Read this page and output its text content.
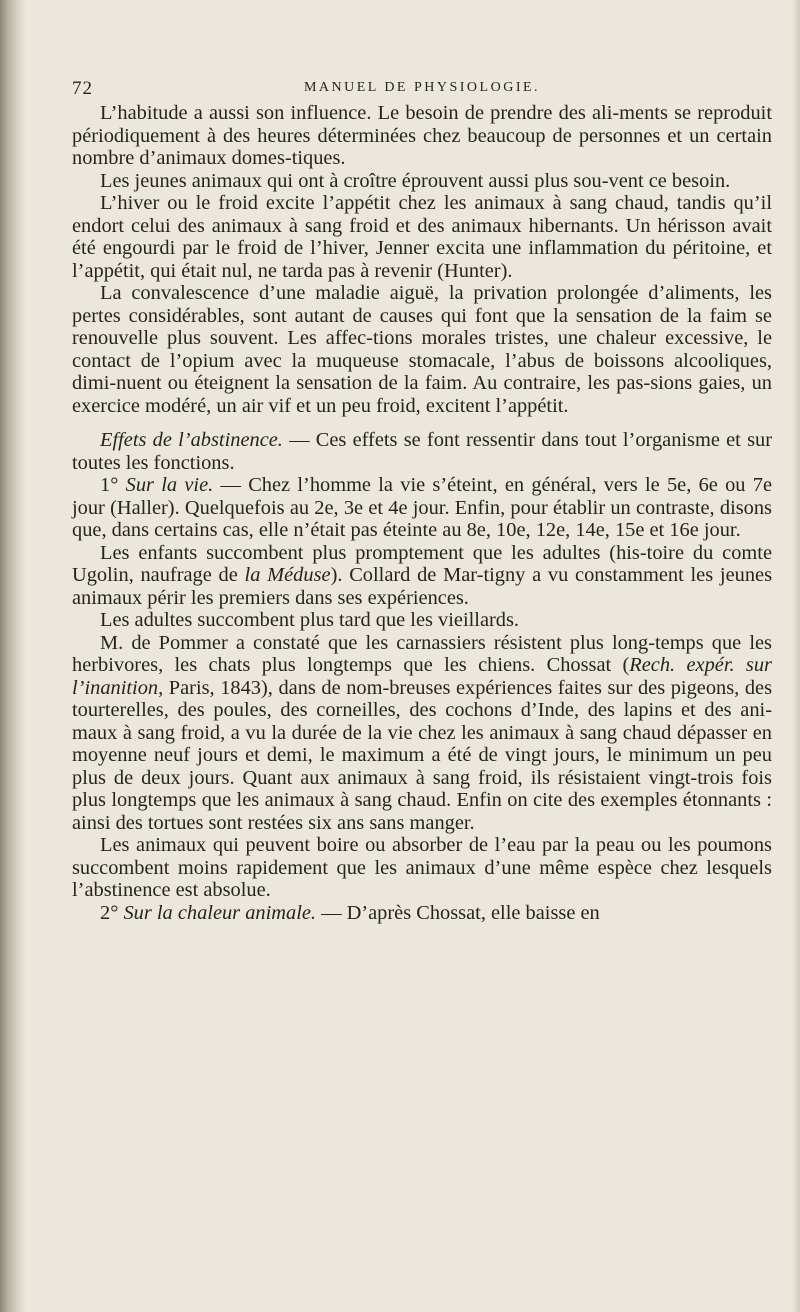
72	MANUEL DE PHYSIOLOGIE.

L’habitude a aussi son influence. Le besoin de prendre des ali-ments se reproduit périodiquement à des heures déterminées chez beaucoup de personnes et un certain nombre d’animaux domes-tiques.

Les jeunes animaux qui ont à croître éprouvent aussi plus sou-vent ce besoin.

L’hiver ou le froid excite l’appétit chez les animaux à sang chaud, tandis qu’il endort celui des animaux à sang froid et des animaux hibernants. Un hérisson avait été engourdi par le froid de l’hiver, Jenner excita une inflammation du péritoine, et l’appétit, qui était nul, ne tarda pas à revenir (Hunter).

La convalescence d’une maladie aiguë, la privation prolongée d’aliments, les pertes considérables, sont autant de causes qui font que la sensation de la faim se renouvelle plus souvent. Les affec-tions morales tristes, une chaleur excessive, le contact de l’opium avec la muqueuse stomacale, l’abus de boissons alcooliques, dimi-nuent ou éteignent la sensation de la faim. Au contraire, les pas-sions gaies, un exercice modéré, un air vif et un peu froid, excitent l’appétit.

Effets de l’abstinence. — Ces effets se font ressentir dans tout l’organisme et sur toutes les fonctions.

1° Sur la vie. — Chez l’homme la vie s’éteint, en général, vers le 5e, 6e ou 7e jour (Haller). Quelquefois au 2e, 3e et 4e jour. Enfin, pour établir un contraste, disons que, dans certains cas, elle n’était pas éteinte au 8e, 10e, 12e, 14e, 15e et 16e jour.

Les enfants succombent plus promptement que les adultes (his-toire du comte Ugolin, naufrage de la Méduse). Collard de Mar-tigny a vu constamment les jeunes animaux périr les premiers dans ses expériences.

Les adultes succombent plus tard que les vieillards.

M. de Pommer a constaté que les carnassiers résistent plus long-temps que les herbivores, les chats plus longtemps que les chiens. Chossat (Rech. expér. sur l’inanition, Paris, 1843), dans de nom-breuses expériences faites sur des pigeons, des tourterelles, des poules, des corneilles, des cochons d’Inde, des lapins et des ani-maux à sang froid, a vu la durée de la vie chez les animaux à sang chaud dépasser en moyenne neuf jours et demi, le maximum a été de vingt jours, le minimum un peu plus de deux jours. Quant aux animaux à sang froid, ils résistaient vingt-trois fois plus longtemps que les animaux à sang chaud. Enfin on cite des exemples étonnants : ainsi des tortues sont restées six ans sans manger.

Les animaux qui peuvent boire ou absorber de l’eau par la peau ou les poumons succombent moins rapidement que les animaux d’une même espèce chez lesquels l’abstinence est absolue.

2° Sur la chaleur animale. — D’après Chossat, elle baisse en
